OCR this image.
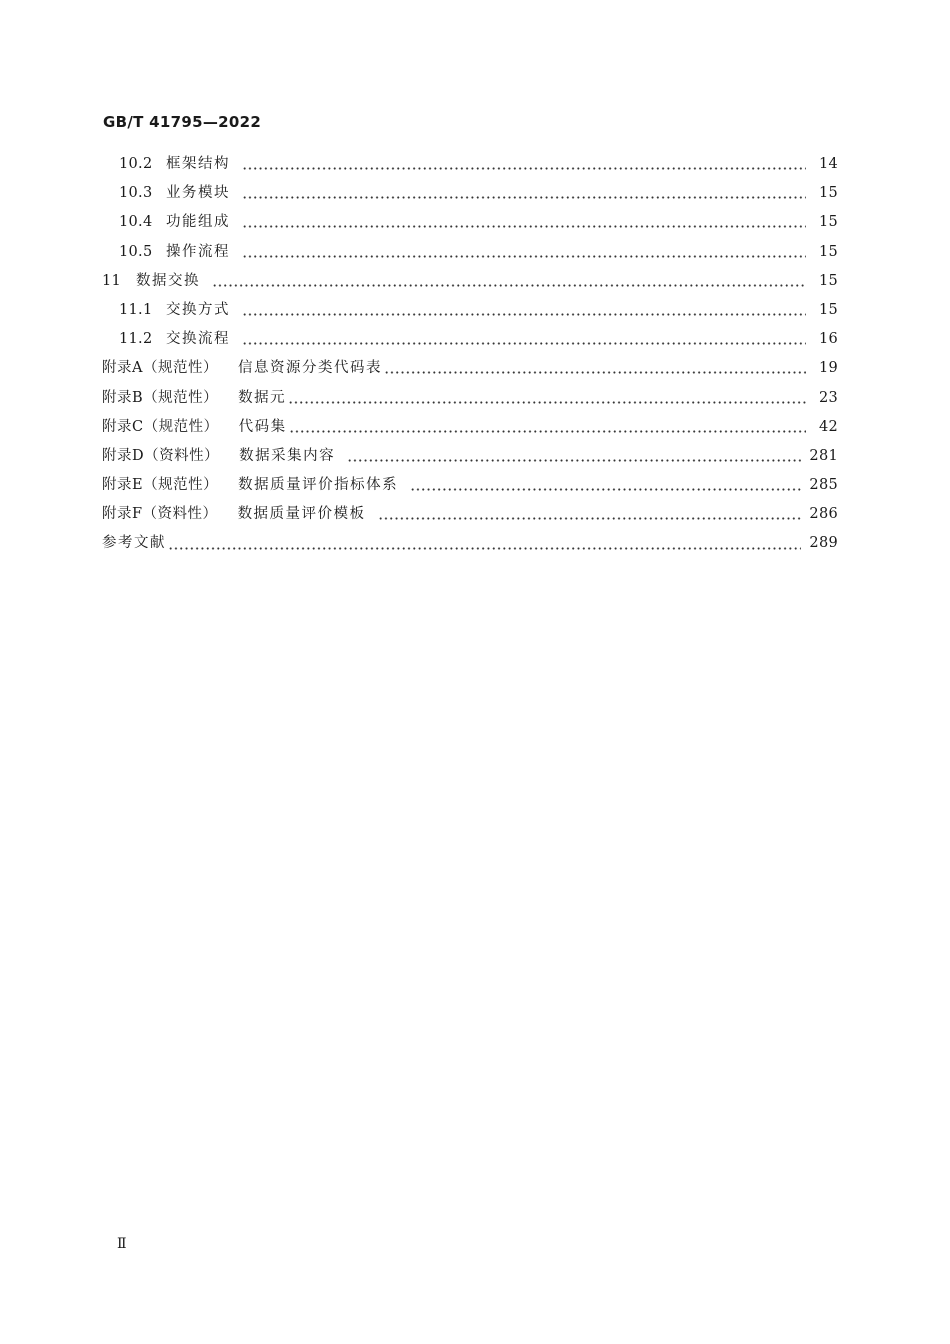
GB/T 41795—2022
10.2 框架结构	14
10.3 业务模块	15
10.4 功能组成	15
10.5 操作流程	15
11	数据交换	15
11.1 交换方式	15
11.2 交换流程	16
附录A（规范性） 信息资源分类代码表	19
附录B（规范性） 数据元	23
附录C（规范性） 代码集	42
附录D（资料性） 数据采集内容	281
附录E（规范性） 数据质量评价指标体系	285
附录F（资料性） 数据质量评价模板	286
参考文献	289
Ⅱ
